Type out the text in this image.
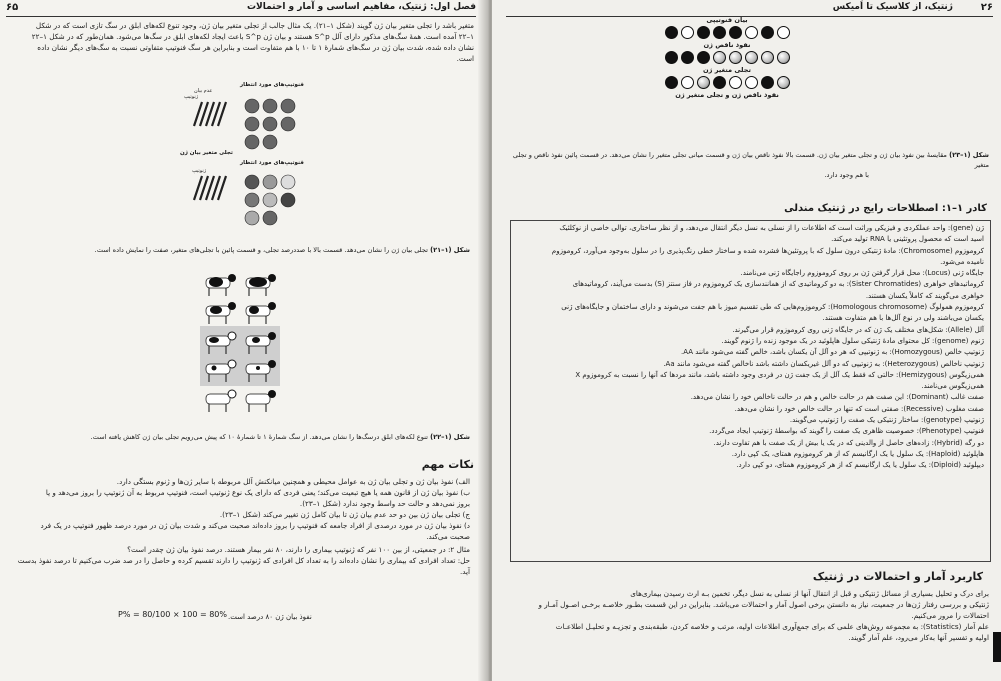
۶۵	فصل اول: ژنتیک، مفاهیم اساسی و آمار و احتمالات
متغیر باشد را تجلی متغیر بیان ژن گویند (شکل ۱–۲۱). یک مثال جالب از تجلی متغیر بیان ژن، وجود تنوع لکه‌های ابلق در سگ تازی است که در شکل
۱–۲۲ آمده است. همهٔ سگ‌های مذکور دارای آلل S^p هستند و بیان ژن S^p باعث ایجاد لکه‌های ابلق در سگ‌ها می‌شود. همان‌طور که در شکل ۱–۲۲
نشان داده شده، شدت بیان ژن در سگ‌های شمارهٔ ۱ تا ۱۰ با هم متفاوت است و بنابراین هر سگ فنوتیپ متفاوتی نسبت به سگ‌های دیگر نشان داده
است.
فنوتیپ‌های مورد انتظار
عدم بیان
ژنوتیپ
تجلی متغیر بیان ژن
فنوتیپ‌های مورد انتظار
ژنوتیپ
شکل (۱–۲۱) تجلی بیان ژن را نشان می‌دهد. قسمت بالا با صددرصد تجلی، و قسمت پائین با تجلی‌های متغیر، صفت را نمایش داده است.
شکل (۱–۲۲) تنوع لکه‌های ابلق درسگ‌ها را نشان می‌دهد. از سگ شمارهٔ ۱ تا شمارهٔ ۱۰ که پیش می‌رویم تجلی بیان ژن کاهش یافته است.
نکات مهم
الف) نفوذ بیان ژن و تجلی بیان ژن به عوامل محیطی و همچنین میانکنش آلل مربوطه با سایر ژن‌ها و ژنوم بستگی دارد.
ب) نفوذ بیان ژن از قانون همه یا هیچ تبعیت می‌کند؛ یعنی فردی که دارای یک نوع ژنوتیپ است، فنوتیپ مربوط به آن ژنوتیپ را بروز می‌دهد و یا
بروز نمی‌دهد و حالت حد واسط وجود ندارد (شکل ۱–۲۳).
ج) تجلی بیان ژن بین دو حد عدم بیان ژن تا بیان کامل ژن تغییر می‌کند (شکل ۱–۲۳).
د) نفوذ بیان ژن در مورد درصدی از افراد جامعه که فنوتیپ را بروز داده‌اند صحبت می‌کند و شدت بیان ژن در مورد درصد ظهور فنوتیپ در یک فرد
صحبت می‌کند.
مثال ۲: در جمعیتی، از بین ۱۰۰ نفر که ژنوتیپ بیماری را دارند، ۸۰ نفر بیمار هستند. درصد نفوذ بیان ژن چقدر است؟
حل: تعداد افرادی که بیماری را نشان داده‌اند را به تعداد کل افرادی که ژنوتیپ را دارند تقسیم کرده و حاصل را در صد ضرب می‌کنیم تا درصد نفوذ بدست
آید.
P% = 80/100 × 100 = 80% نفوذ بیان ژن ۸۰ درصد است.
۲۶
ژنتیک، از کلاسیک تا اَمیکس
بیان فنوتیپی
نفوذ ناقص ژن
تجلی متغیر ژن
نفوذ ناقص ژن و تجلی متغیر ژن
شکل (۱–۲۳) مقایسهٔ بین نفوذ بیان ژن و تجلی متغیر بیان ژن. قسمت بالا نفوذ ناقص بیان ژن و قسمت میانی تجلی متغیر را نشان می‌دهد. در قسمت پائین نفوذ ناقص و تجلی متغیر
با هم وجود دارد.
کادر ۱–۱: اصطلاحات رایج در ژنتیک مندلی
ژن (gene): واحد عملکردی و فیزیکی وراثت است که اطلاعات را از نسلی به نسل دیگر انتقال می‌دهد، و از نظر ساختاری، توالی خاصی از نوکلئیک
اسید است که محصول پروتئینی یا RNA تولید می‌کند.
کروموزوم (Chromosome): مادهٔ ژنتیکی درون سلول که با پروتئین‌ها فشرده شده و ساختار خطی رنگ‌پذیری را در سلول به‌وجود می‌آورد، کروموزوم
نامیده می‌شود.
جایگاه ژنی (Locus): محل قرار گرفتن ژن بر روی کروموزوم راجایگاه ژنی می‌نامند.
کروماتیدهای خواهری (Sister Chromatides): به دو کروماتیدی که از همانندسازی یک کروموزوم در فاز سنتز (S) بدست می‌آیند، کروماتیدهای
خواهری می‌گویند که کاملاً یکسان هستند.
کروموزوم همولوگ (Homologous chromosome): کروموزوم‌هایی که طی تقسیم میوز با هم جفت می‌شوند و دارای ساختمان و جایگاه‌های ژنی
یکسان می‌باشند ولی در نوع آلل‌ها با هم متفاوت هستند.
آلل (Allele): شکل‌های مختلف یک ژن که در جایگاه ژنی روی کروموزوم قرار می‌گیرند.
ژنوم (genome): کل محتوای مادهٔ ژنتیکی سلول هاپلوئید در یک موجود زنده را ژنوم گویند.
ژنوتیپ خالص (Homozygous): به ژنوتیپی که هر دو آلل آن یکسان باشد، خالص گفته می‌شود مانند AA.
ژنوتیپ ناخالص (Heterozygous): به ژنوتیپی که دو آلل غیریکسان داشته باشد ناخالص گفته می‌شود مانند Aa.
همی‌زیگوس (Hemizygous): حالتی که فقط یک آلل از یک جفت ژن در فردی وجود داشته باشد، مانند مردها که آنها را نسبت به کروموزوم X
همی‌زیگوس می‌نامند.
صفت غالب (Dominant): این صفت هم در حالت خالص و هم در حالت ناخالص خود را نشان می‌دهد.
صفت مغلوب (Recessive): صفتی است که تنها در حالت خالص خود را نشان می‌دهد.
ژنوتیپ (genotype): ساختار ژنتیکی یک صفت را ژنوتیپ می‌گویند.
فنوتیپ (Phenotype): خصوصیت ظاهری یک صفت را گویند که بواسطهٔ ژنوتیپ ایجاد می‌گردد.
دو رگه (Hybrid): زاده‌های حاصل از والدینی که در یک یا بیش از یک صفت با هم تفاوت دارند.
هاپلوئید (Haploid): یک سلول یا یک ارگانیسم که از هر کروموزوم همتای، یک کپی دارد.
دیپلوئید (Diploid): یک سلول یا یک ارگانیسم که از هر کروموزوم همتای، دو کپی دارد.
کاربرد آمار و احتمالات در ژنتیک
برای درک و تحلیل بسیاری از مسائل ژنتیکی و قبل از انتقال آنها از نسلی به نسل دیگر، تخمین بـه ارث رسیدن بیماری‌های
ژنتیکی و بررسی رفتار ژن‌ها در جمعیت، نیاز به دانستن برخی اصول آمار و احتمالات می‌باشد. بنابراین در این قسمت بطـور خلاصـه برخـی اصـول آمـار و
احتمالات را مرور می‌کنیم.
علم آمار (Statistics): به مجموعه روش‌های علمی که برای جمع‌آوری اطلاعات اولیه، مرتب و خلاصه کردن، طبقه‌بندی و تجزیـه و تحلیـل اطلاعـات
اولیه و تفسیر آنها به‌کار می‌رود، علم آمار گویند.
